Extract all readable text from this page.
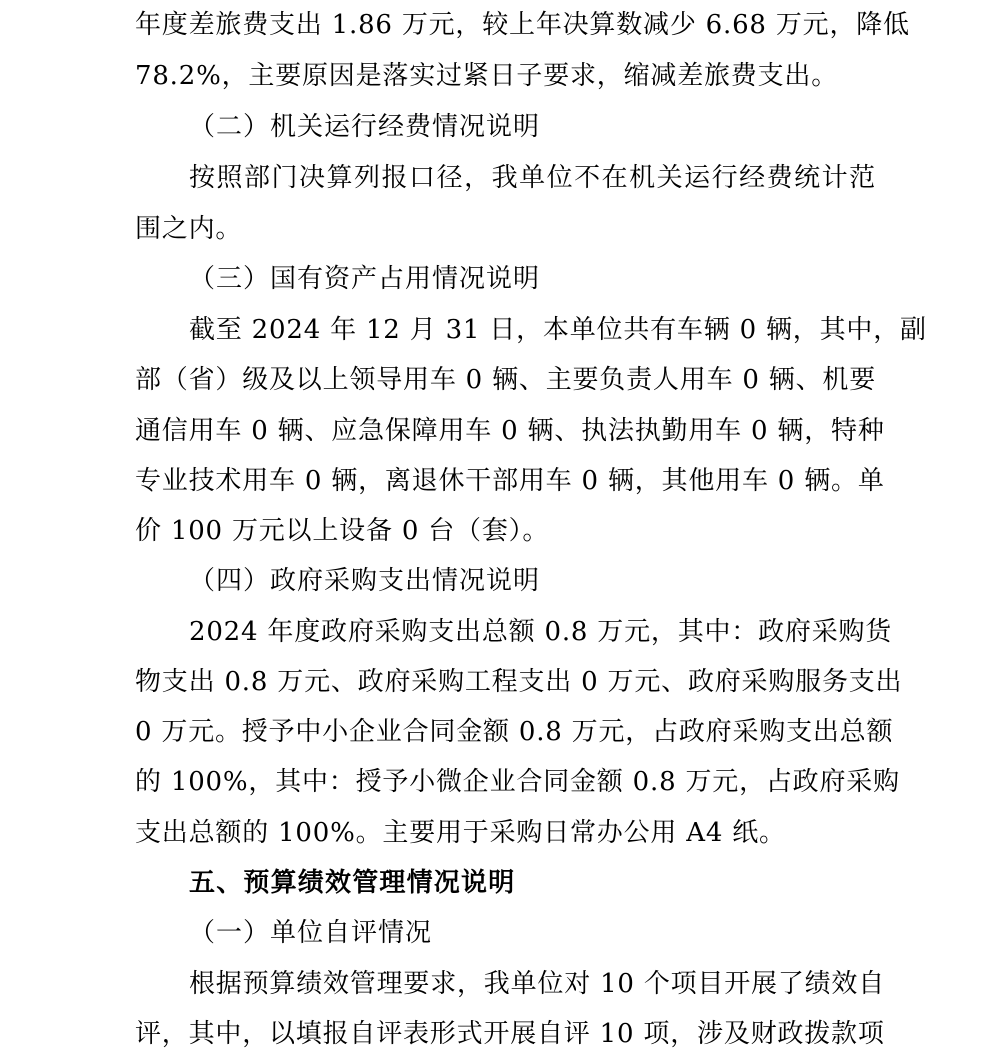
年度差旅费支出 1.86 万元，较上年决算数减少 6.68 万元，降低
78.2%，主要原因是落实过紧日子要求，缩减差旅费支出。
（二）机关运行经费情况说明
按照部门决算列报口径，我单位不在机关运行经费统计范
围之内。
（三）国有资产占用情况说明
截至 2024 年 12 月 31 日，本单位共有车辆 0 辆，其中，副
部（省）级及以上领导用车 0 辆、主要负责人用车 0 辆、机要
通信用车 0 辆、应急保障用车 0 辆、执法执勤用车 0 辆，特种
专业技术用车 0 辆，离退休干部用车 0 辆，其他用车 0 辆。单
价 100 万元以上设备 0 台（套）。
（四）政府采购支出情况说明
2024 年度政府采购支出总额 0.8 万元，其中：政府采购货
物支出 0.8 万元、政府采购工程支出 0 万元、政府采购服务支出
0 万元。授予中小企业合同金额 0.8 万元，占政府采购支出总额
的 100%，其中：授予小微企业合同金额 0.8 万元，占政府采购
支出总额的 100%。主要用于采购日常办公用 A4 纸。
五、预算绩效管理情况说明
（一）单位自评情况
根据预算绩效管理要求，我单位对 10 个项目开展了绩效自
评，其中，以填报自评表形式开展自评 10 项，涉及财政拨款项
